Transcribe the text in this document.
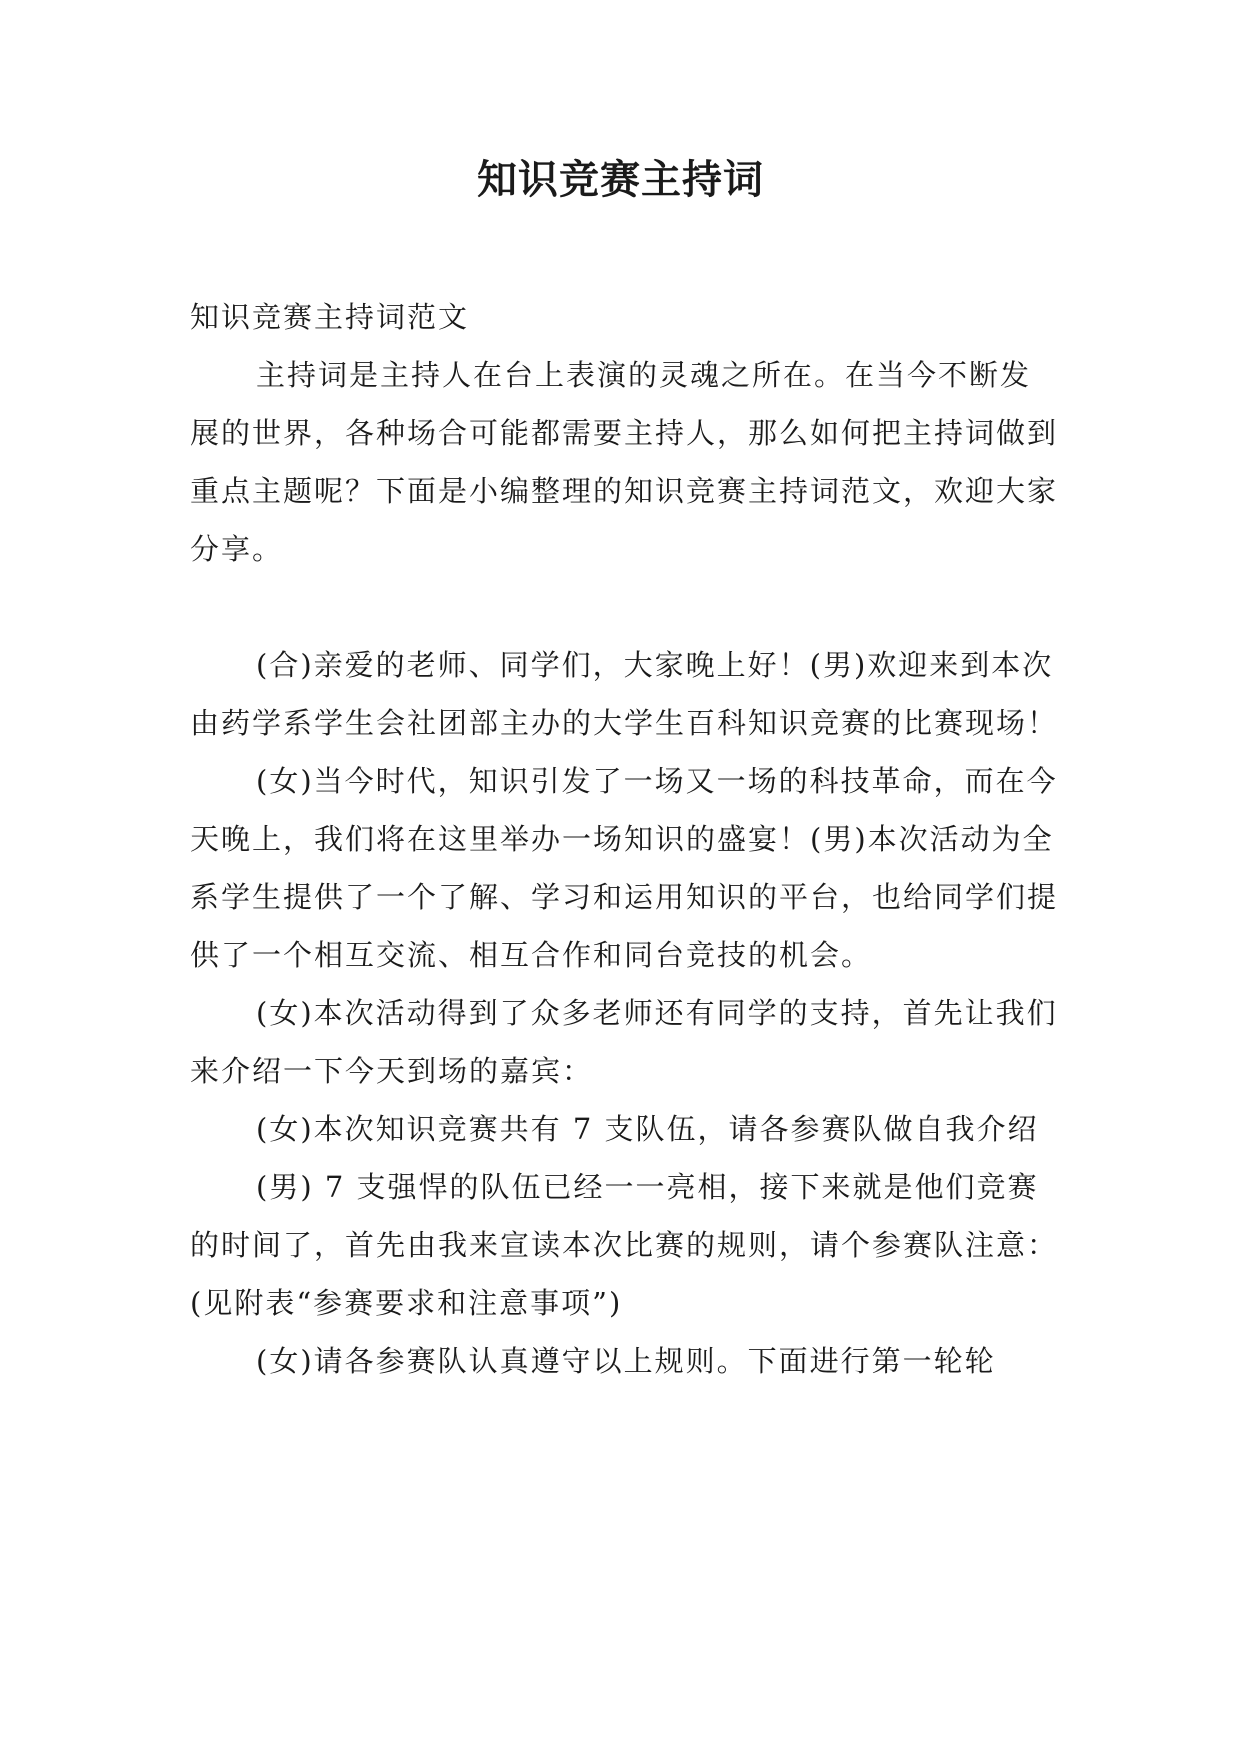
知识竞赛主持词

知识竞赛主持词范文

主持词是主持人在台上表演的灵魂之所在。在当今不断发展的世界，各种场合可能都需要主持人，那么如何把主持词做到重点主题呢？下面是小编整理的知识竞赛主持词范文，欢迎大家分享。

(合)亲爱的老师、同学们，大家晚上好！(男)欢迎来到本次由药学系学生会社团部主办的大学生百科知识竞赛的比赛现场！

(女)当今时代，知识引发了一场又一场的科技革命，而在今天晚上，我们将在这里举办一场知识的盛宴！(男)本次活动为全系学生提供了一个了解、学习和运用知识的平台，也给同学们提供了一个相互交流、相互合作和同台竞技的机会。

(女)本次活动得到了众多老师还有同学的支持，首先让我们来介绍一下今天到场的嘉宾：

(女)本次知识竞赛共有 7 支队伍，请各参赛队做自我介绍

(男) 7 支强悍的队伍已经一一亮相，接下来就是他们竞赛的时间了，首先由我来宣读本次比赛的规则，请个参赛队注意：(见附表“参赛要求和注意事项”)

(女)请各参赛队认真遵守以上规则。下面进行第一轮轮
